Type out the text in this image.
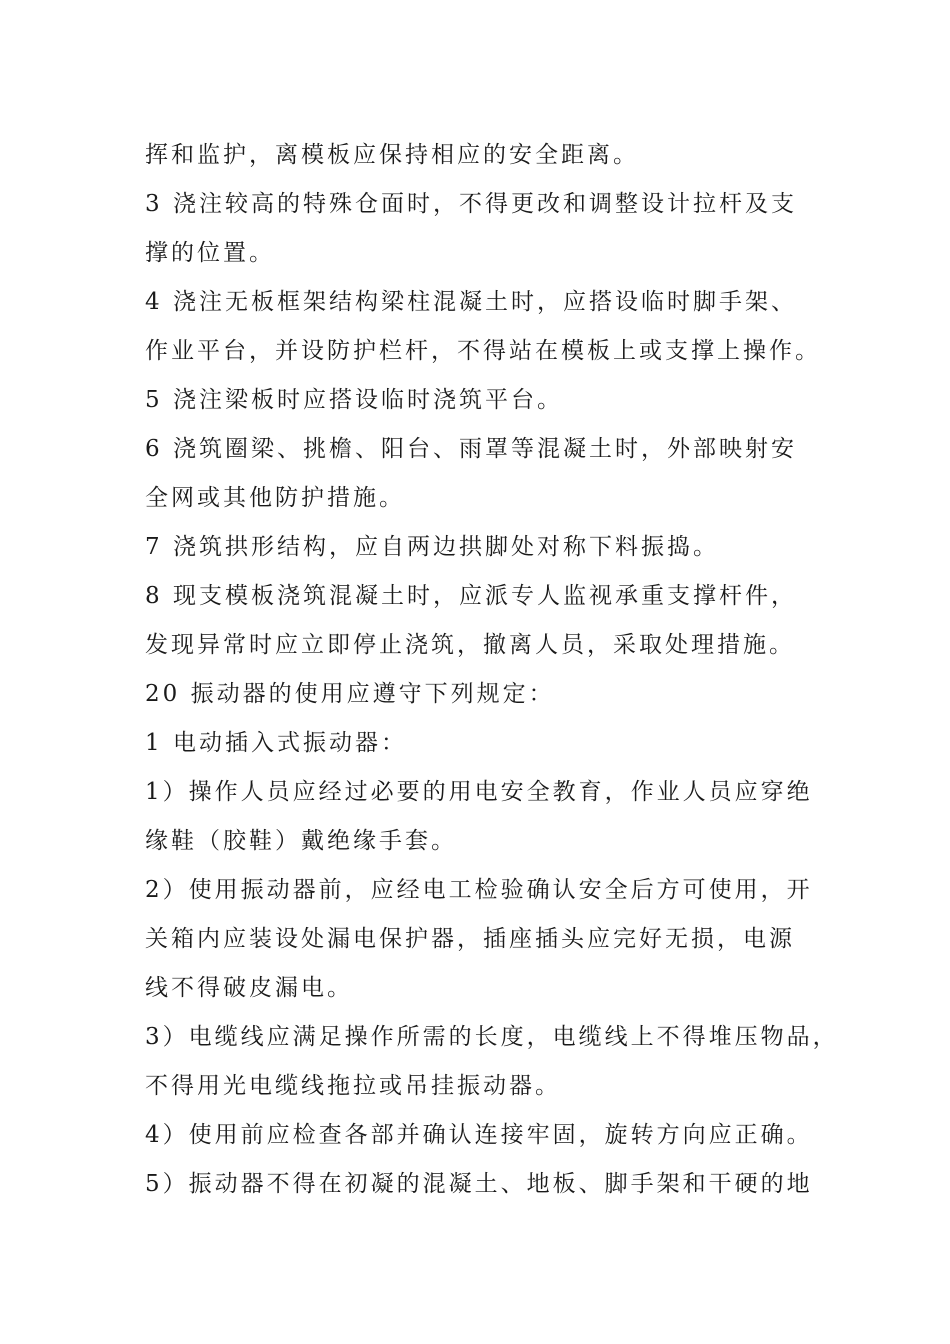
挥和监护，离模板应保持相应的安全距离。
3 浇注较高的特殊仓面时，不得更改和调整设计拉杆及支
撑的位置。
4 浇注无板框架结构梁柱混凝土时，应搭设临时脚手架、
作业平台，并设防护栏杆，不得站在模板上或支撑上操作。
5 浇注梁板时应搭设临时浇筑平台。
6 浇筑圈梁、挑檐、阳台、雨罩等混凝土时，外部映射安
全网或其他防护措施。
7 浇筑拱形结构，应自两边拱脚处对称下料振捣。
8 现支模板浇筑混凝土时，应派专人监视承重支撑杆件，
发现异常时应立即停止浇筑，撤离人员，采取处理措施。
20 振动器的使用应遵守下列规定：
1 电动插入式振动器：
1）操作人员应经过必要的用电安全教育，作业人员应穿绝
缘鞋（胶鞋）戴绝缘手套。
2）使用振动器前，应经电工检验确认安全后方可使用，开
关箱内应装设处漏电保护器，插座插头应完好无损，电源
线不得破皮漏电。
3）电缆线应满足操作所需的长度，电缆线上不得堆压物品，
不得用光电缆线拖拉或吊挂振动器。
4）使用前应检查各部并确认连接牢固，旋转方向应正确。
5）振动器不得在初凝的混凝土、地板、脚手架和干硬的地
